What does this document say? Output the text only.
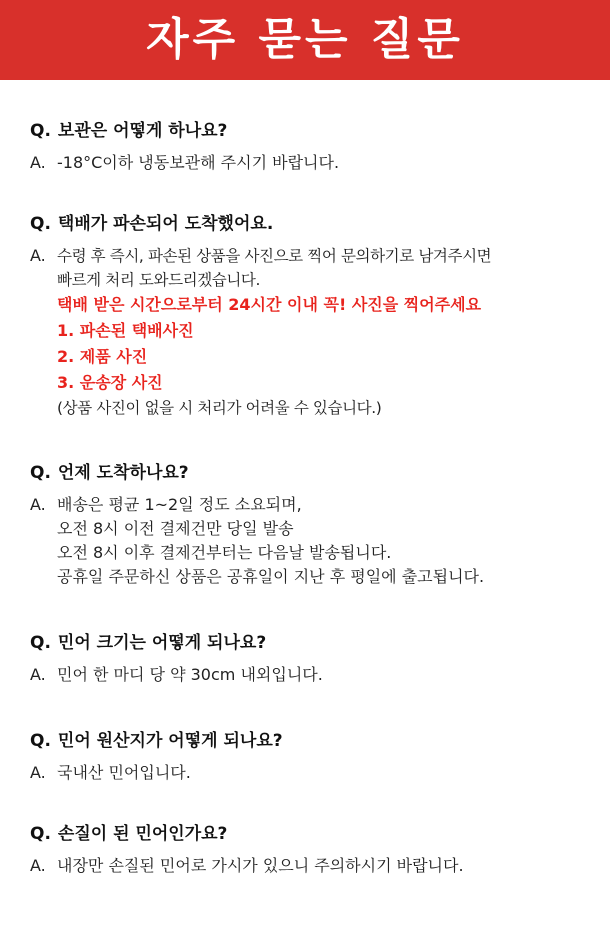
자주 묻는 질문
Q. 보관은 어떻게 하나요?
A. -18°C이하 냉동보관해 주시기 바랍니다.
Q. 택배가 파손되어 도착했어요.
A. 수령 후 즉시, 파손된 상품을 사진으로 찍어 문의하기로 남겨주시면
빠르게 처리 도와드리겠습니다.
택배 받은 시간으로부터 24시간 이내 꼭! 사진을 찍어주세요
1. 파손된 택배사진
2. 제품 사진
3. 운송장 사진
(상품 사진이 없을 시 처리가 어려울 수 있습니다.)
Q. 언제 도착하나요?
A. 배송은 평균 1~2일 정도 소요되며,
오전 8시 이전 결제건만 당일 발송
오전 8시 이후 결제건부터는 다음날 발송됩니다.
공휴일 주문하신 상품은 공휴일이 지난 후 평일에 출고됩니다.
Q. 민어 크기는 어떻게 되나요?
A. 민어 한 마디 당 약 30cm 내외입니다.
Q. 민어 원산지가 어떻게 되나요?
A. 국내산 민어입니다.
Q. 손질이 된 민어인가요?
A. 내장만 손질된 민어로 가시가 있으니 주의하시기 바랍니다.
